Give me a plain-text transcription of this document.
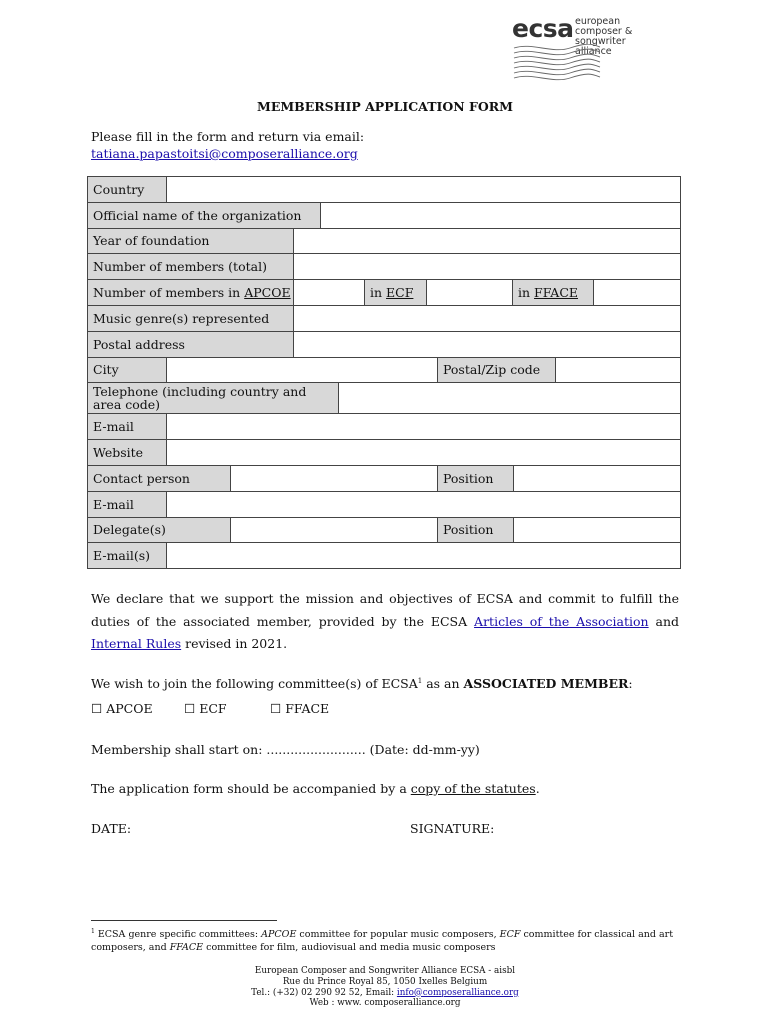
ecsa european
composer & songwriter
alliance
MEMBERSHIP APPLICATION FORM
Please fill in the form and return via email:
tatiana.papastoitsi@composeralliance.org
Country	

Official name of the organization	

Year of foundation	

Number of members (total)	

Number of members in APCOE		in ECF		in FFACE	

Music genre(s) represented	

Postal address	

City		Postal/Zip code	

Telephone (including country and area code)	

E-mail	

Website	

Contact person		Position	

E-mail	

Delegate(s)		Position	

E-mail(s)	
We declare that we support the mission and objectives of ECSA and commit to fulfill the duties of the associated member, provided by the ECSA Articles of the Association and Internal Rules revised in 2021.
We wish to join the following committee(s) of ECSA$^1$ as an ASSOCIATED MEMBER:
☐ APCOE	☐ ECF	☐ FFACE
Membership shall start on: ......................... (Date: dd-mm-yy)
The application form should be accompanied by a copy of the statutes.
DATE:	SIGNATURE:
$^1$ ECSA genre specific committees: APCOE committee for popular music composers, ECF committee for classical and art composers, and FFACE committee for film, audiovisual and media music composers
European Composer and Songwriter Alliance ECSA - aisbl
Rue du Prince Royal 85, 1050 Ixelles Belgium
Tel.: (+32) 02 290 92 52, Email: info@composeralliance.org
Web : www. composeralliance.org
